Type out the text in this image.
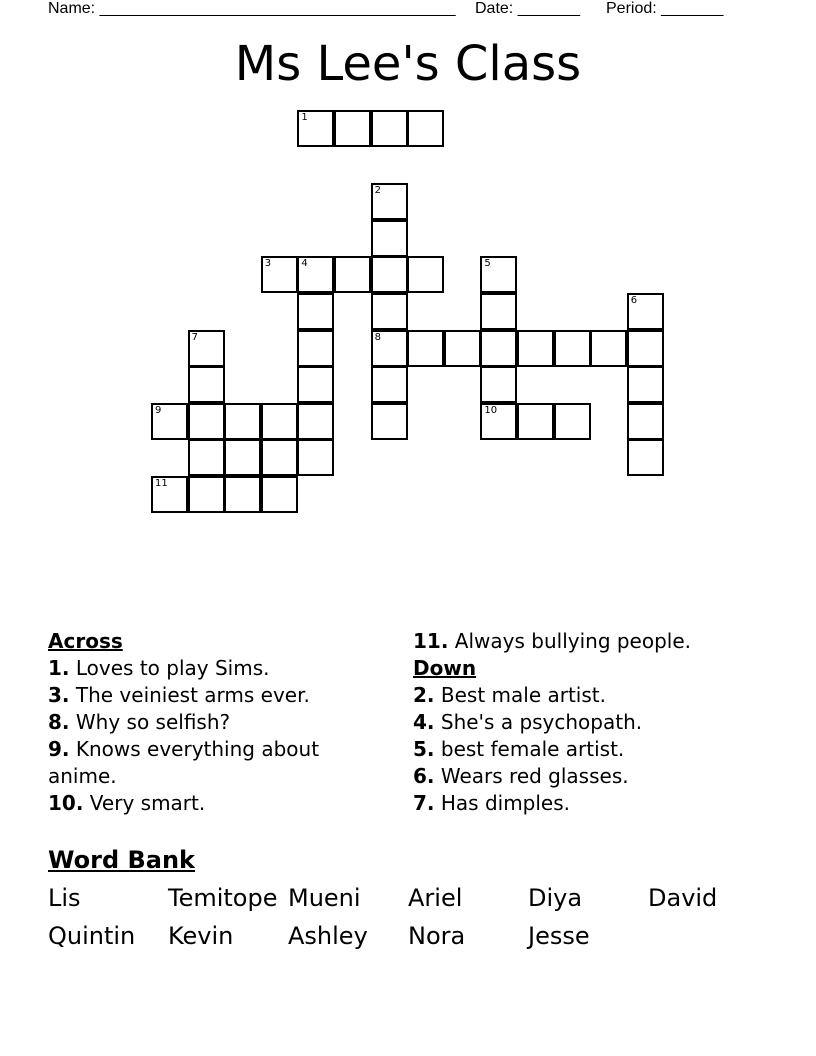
Name: ________________________________________ Date: _______ Period: _______
Ms Lee's Class
1
2
3	4	5
6
7	8
9	10
11
Across

1. Loves to play Sims.

3. The veiniest arms ever.

8. Why so selfish?

9. Knows everything about anime.

10. Very smart.

11. Always bullying people.

Down

2. Best male artist.

4. She's a psychopath.

5. best female artist.

6. Wears red glasses.

7. Has dimples.

Word Bank
Lis	Temitope Mueni	Ariel	Diya	David
Quintin	Kevin	Ashley	Nora	Jesse
